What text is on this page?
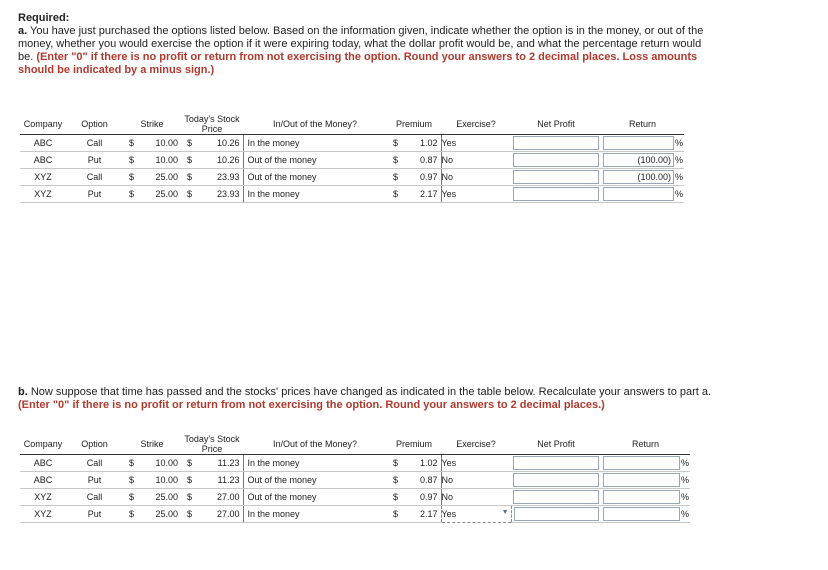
Required:
a. You have just purchased the options listed below. Based on the information given, indicate whether the option is in the money, or out of the money, whether you would exercise the option if it were expiring today, what the dollar profit would be, and what the percentage return would be. (Enter "0" if there is no profit or return from not exercising the option. Round your answers to 2 decimal places. Loss amounts should be indicated by a minus sign.)
Company	Option	Strike	Today's Stock
Price	In/Out of the Money?	Premium	Exercise?	Net Profit	Return
ABC	Call	$ 10.00	$ 10.26	In the money	$ 1.02	Yes		%

ABC	Put	$ 10.00	$ 10.26	Out of the money	$ 0.87	No		(100.00) %

XYZ	Call	$ 25.00	$ 23.93	Out of the money	$ 0.97	No		(100.00) %

XYZ	Put	$ 25.00	$ 23.93	In the money	$ 2.17	Yes		%
b. Now suppose that time has passed and the stocks' prices have changed as indicated in the table below. Recalculate your answers to part a. (Enter "0" if there is no profit or return from not exercising the option. Round your answers to 2 decimal places.)
Company	Option	Strike	Today's Stock
Price	In/Out of the Money?	Premium	Exercise?	Net Profit	Return
ABC	Call	$ 10.00	$ 11.23	In the money	$ 1.02	Yes		%

ABC	Put	$ 10.00	$ 11.23	Out of the money	$ 0.87	No		%

XYZ	Call	$ 25.00	$ 27.00	Out of the money	$ 0.97	No		%

XYZ	Put	$ 25.00	$ 27.00	In the money	$ 2.17	Yes ▼		%
